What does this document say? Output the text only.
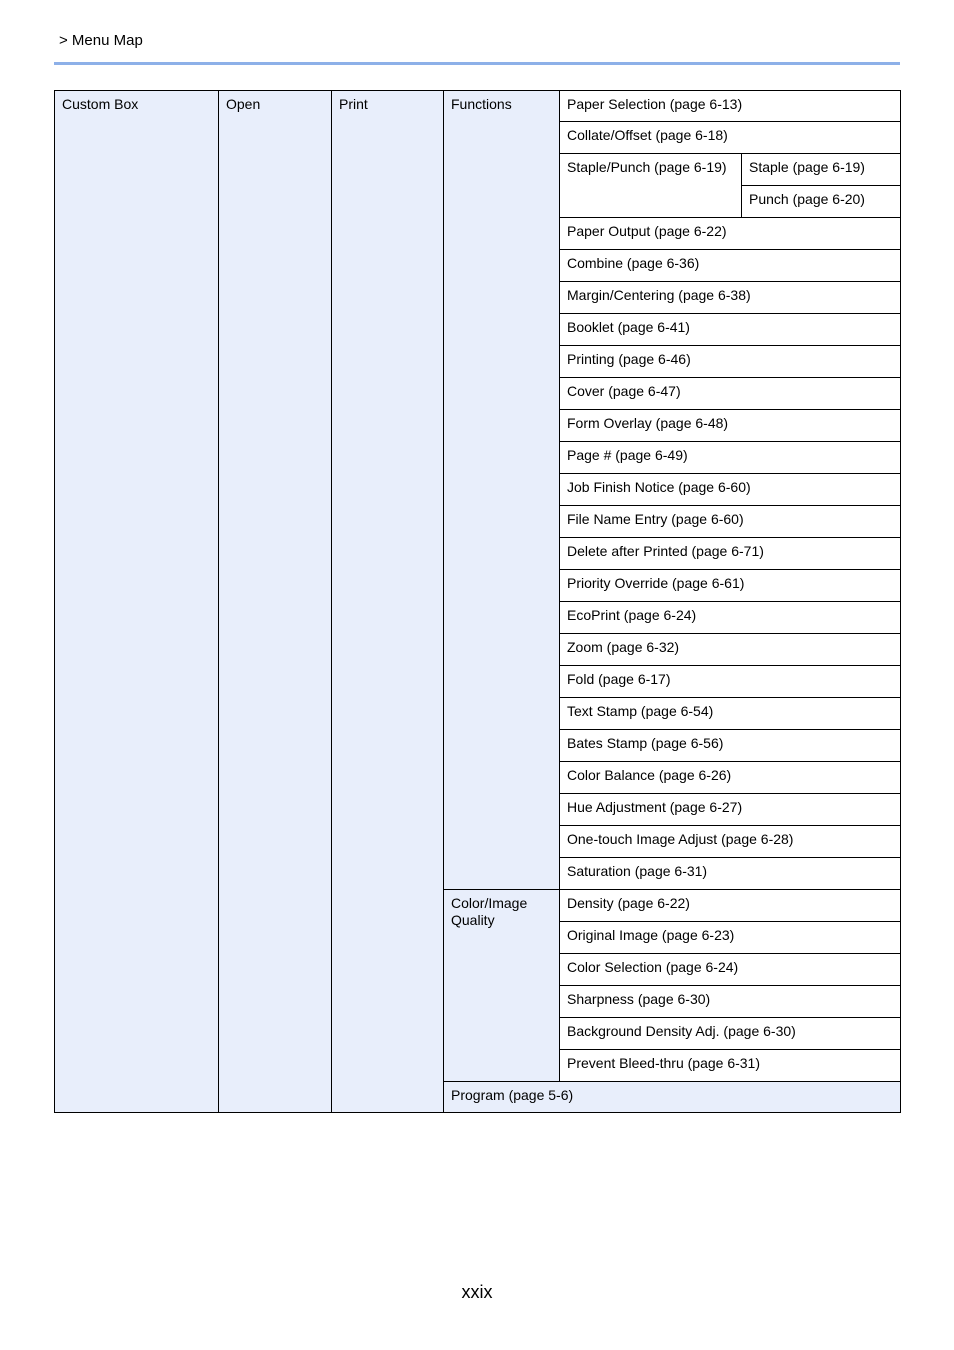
> Menu Map
Custom Box	Open	Print	Functions	Paper Selection (page 6-13)	
				Collate/Offset (page 6-18)	
				Staple/Punch (page 6-19)	Staple (page 6-19)
					Punch (page 6-20)
				Paper Output (page 6-22)	
				Combine (page 6-36)	
				Margin/Centering (page 6-38)	
				Booklet (page 6-41)	
				Printing (page 6-46)	
				Cover (page 6-47)	
				Form Overlay (page 6-48)	
				Page # (page 6-49)	
				Job Finish Notice (page 6-60)	
				File Name Entry (page 6-60)	
				Delete after Printed (page 6-71)	
				Priority Override (page 6-61)	
				EcoPrint (page 6-24)	
				Zoom (page 6-32)	
				Fold (page 6-17)	
				Text Stamp (page 6-54)	
				Bates Stamp (page 6-56)	
				Color Balance (page 6-26)	
				Hue Adjustment (page 6-27)	
				One-touch Image Adjust (page 6-28)	
				Saturation (page 6-31)	
			Color/Image Quality	Density (page 6-22)	
				Original Image (page 6-23)	
				Color Selection (page 6-24)	
				Sharpness (page 6-30)	
				Background Density Adj. (page 6-30)	
				Prevent Bleed-thru (page 6-31)	
			Program (page 5-6)		
xxix
